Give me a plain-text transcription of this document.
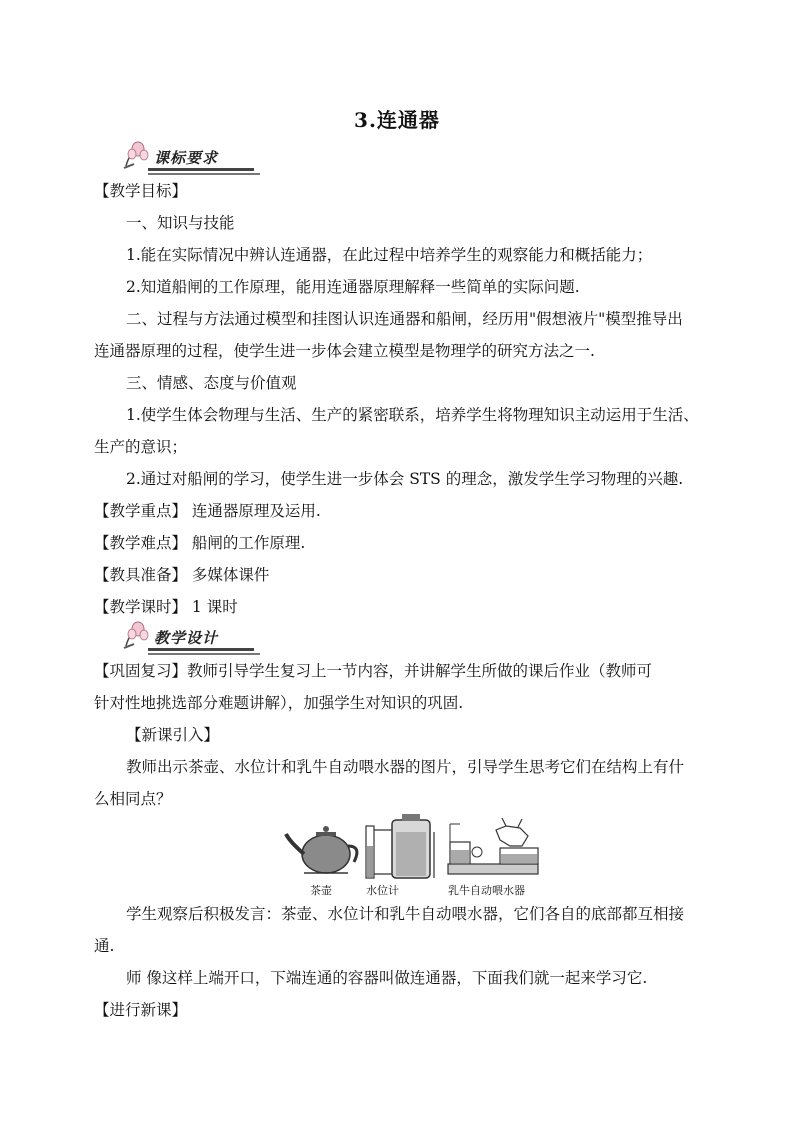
3.连通器
课标要求
【教学目标】
一、知识与技能
1.能在实际情况中辨认连通器，在此过程中培养学生的观察能力和概括能力；
2.知道船闸的工作原理，能用连通器原理解释一些简单的实际问题.
二、过程与方法通过模型和挂图认识连通器和船闸，经历用"假想液片"模型推导出
连通器原理的过程，使学生进一步体会建立模型是物理学的研究方法之一.
三、情感、态度与价值观
1.使学生体会物理与生活、生产的紧密联系，培养学生将物理知识主动运用于生活、
生产的意识；
2.通过对船闸的学习，使学生进一步体会 STS 的理念，激发学生学习物理的兴趣.
【教学重点】 连通器原理及运用.
【教学难点】 船闸的工作原理.
【教具准备】 多媒体课件
【教学课时】 1 课时
教学设计
【巩固复习】教师引导学生复习上一节内容，并讲解学生所做的课后作业（教师可
针对性地挑选部分难题讲解），加强学生对知识的巩固.
【新课引入】
教师出示茶壶、水位计和乳牛自动喂水器的图片，引导学生思考它们在结构上有什
么相同点？
茶壶	水位计	乳牛自动喂水器
学生观察后积极发言：茶壶、水位计和乳牛自动喂水器，它们各自的底部都互相接
通.
师 像这样上端开口，下端连通的容器叫做连通器，下面我们就一起来学习它.
【进行新课】
